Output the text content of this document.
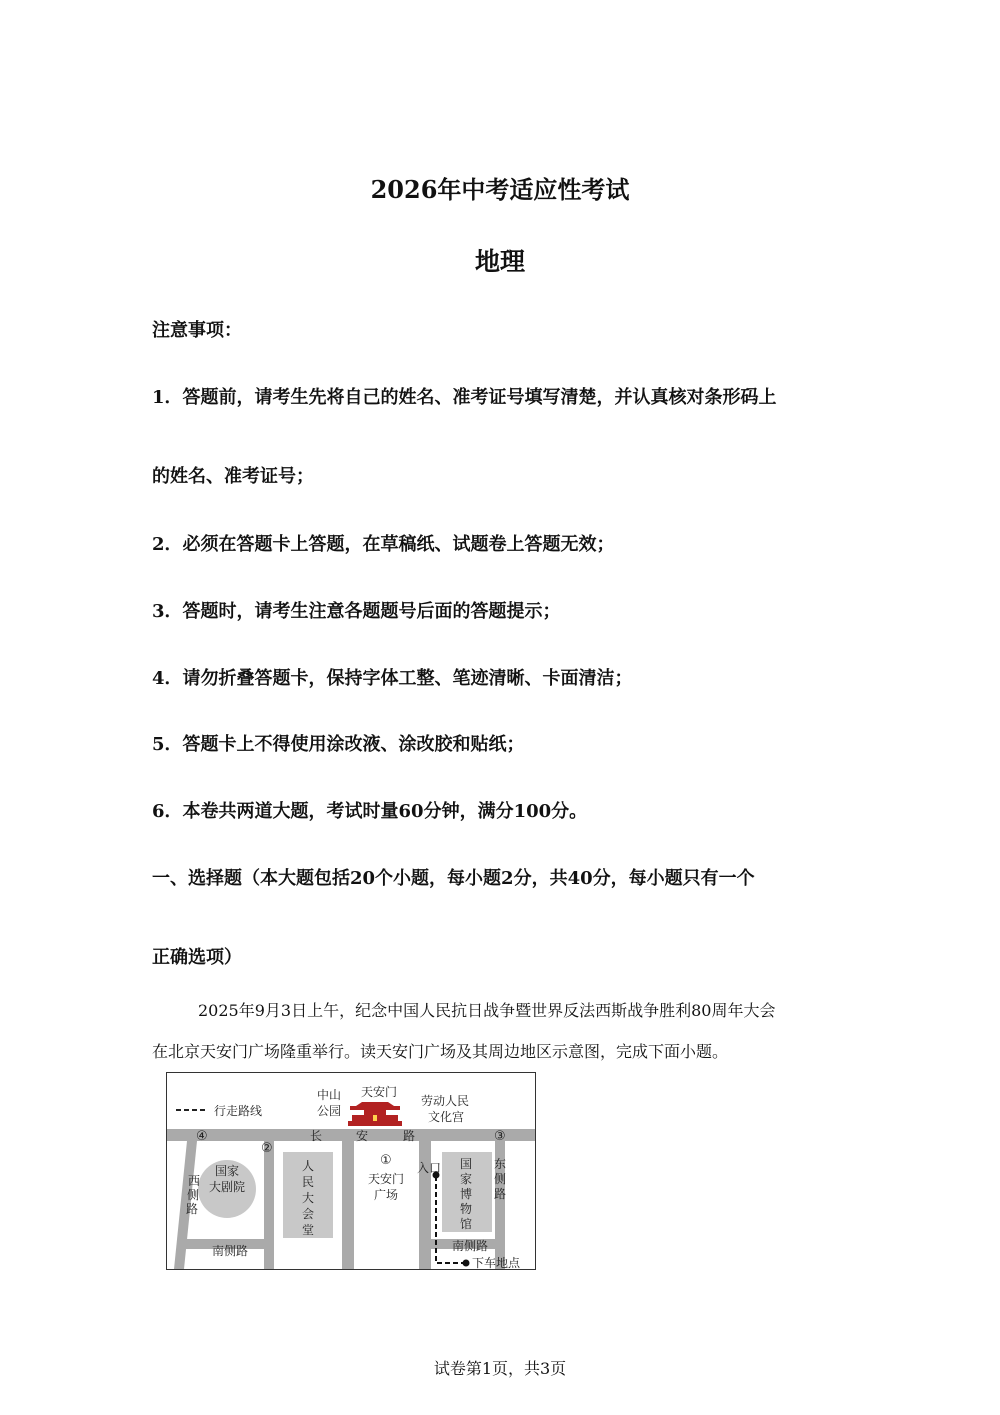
2026年中考适应性考试
地理
注意事项：
1．答题前，请考生先将自己的姓名、准考证号填写清楚，并认真核对条形码上
的姓名、准考证号；
2．必须在答题卡上答题，在草稿纸、试题卷上答题无效；
3．答题时，请考生注意各题题号后面的答题提示；
4．请勿折叠答题卡，保持字体工整、笔迹清晰、卡面清洁；
5．答题卡上不得使用涂改液、涂改胶和贴纸；
6．本卷共两道大题，考试时量60分钟，满分100分。
一、选择题（本大题包括20个小题，每小题2分，共40分，每小题只有一个
正确选项）
2025年9月3日上午，纪念中国人民抗日战争暨世界反法西斯战争胜利80周年大会
在北京天安门广场隆重举行。读天安门广场及其周边地区示意图，完成下面小题。
行走路线
中山
公园
天安门
劳动人民
文化宫
长	安	路
④
②
③
①
天安门
广场
国家
大剧院
西
侧
路
人
民
大
会
堂
国
家
博
物
馆
东
侧
路
南侧路	南侧路
入口
下车地点
试卷第1页，共3页
